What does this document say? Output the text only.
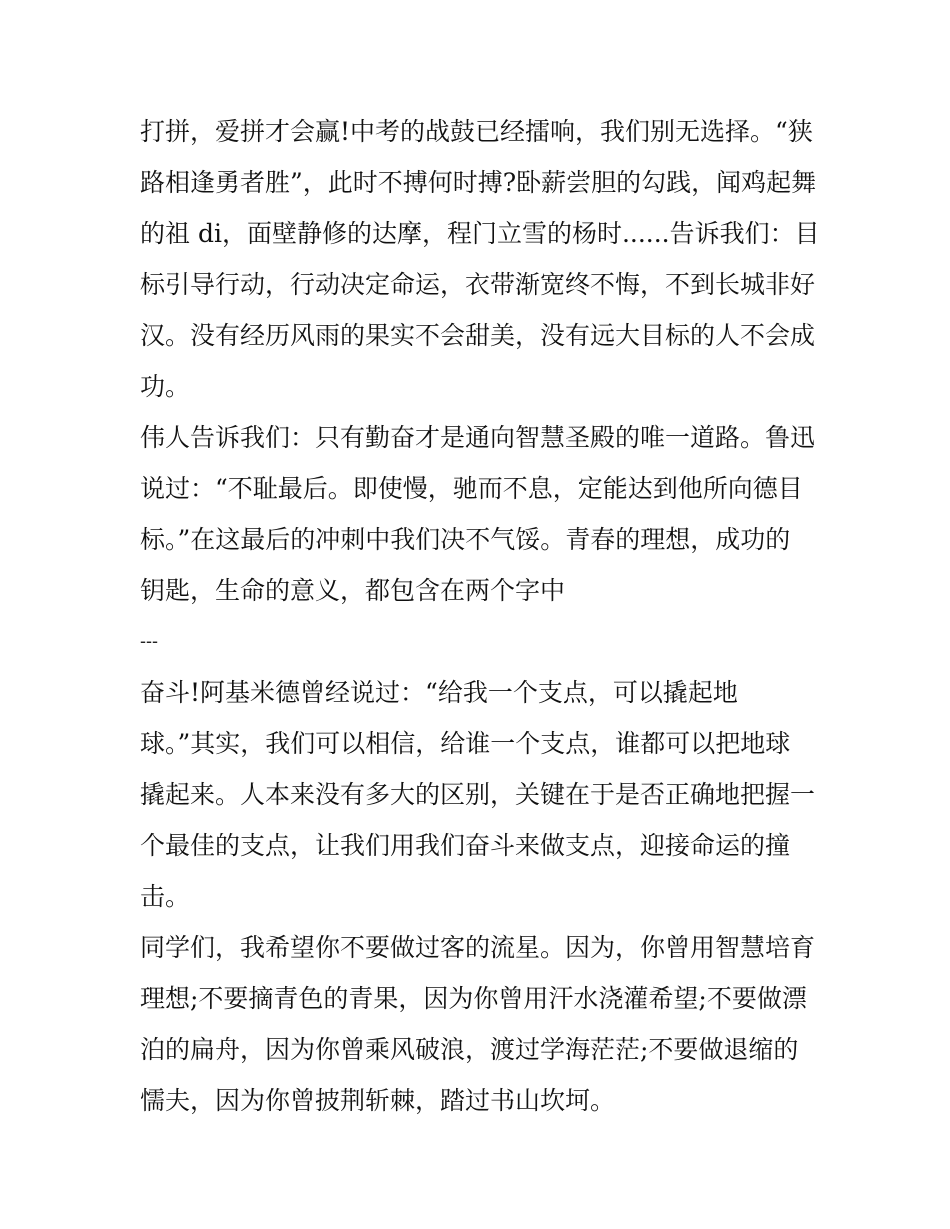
打拼，爱拼才会赢!中考的战鼓已经擂响，我们别无选择。“狭
路相逢勇者胜”，此时不搏何时搏?卧薪尝胆的勾践，闻鸡起舞
的祖 di，面壁静修的达摩，程门立雪的杨时......告诉我们：目
标引导行动，行动决定命运，衣带渐宽终不悔，不到长城非好
汉。没有经历风雨的果实不会甜美，没有远大目标的人不会成
功。
伟人告诉我们：只有勤奋才是通向智慧圣殿的唯一道路。鲁迅
说过：“不耻最后。即使慢，驰而不息，定能达到他所向德目
标。”在这最后的冲刺中我们决不气馁。青春的理想，成功的
钥匙，生命的意义，都包含在两个字中
---
奋斗!阿基米德曾经说过：“给我一个支点，可以撬起地
球。”其实，我们可以相信，给谁一个支点，谁都可以把地球
撬起来。人本来没有多大的区别，关键在于是否正确地把握一
个最佳的支点，让我们用我们奋斗来做支点，迎接命运的撞
击。
同学们，我希望你不要做过客的流星。因为，你曾用智慧培育
理想;不要摘青色的青果，因为你曾用汗水浇灌希望;不要做漂
泊的扁舟，因为你曾乘风破浪，渡过学海茫茫;不要做退缩的
懦夫，因为你曾披荆斩棘，踏过书山坎坷。
